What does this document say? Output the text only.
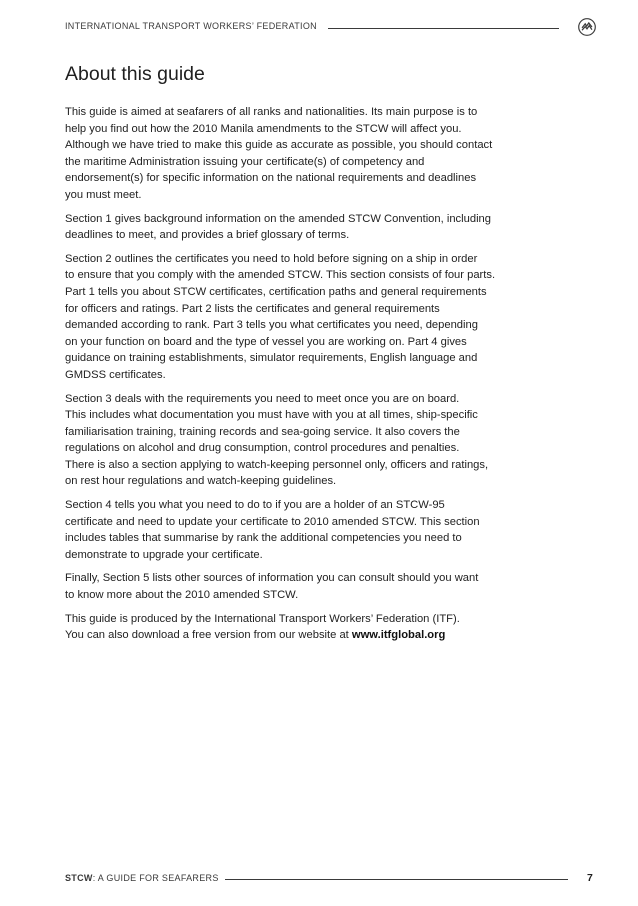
INTERNATIONAL TRANSPORT WORKERS’ FEDERATION
About this guide

This guide is aimed at seafarers of all ranks and nationalities. Its main purpose is to
help you find out how the 2010 Manila amendments to the STCW will affect you.
Although we have tried to make this guide as accurate as possible, you should contact
the maritime Administration issuing your certificate(s) of competency and
endorsement(s) for specific information on the national requirements and deadlines
you must meet.

Section 1 gives background information on the amended STCW Convention, including
deadlines to meet, and provides a brief glossary of terms.

Section 2 outlines the certificates you need to hold before signing on a ship in order
to ensure that you comply with the amended STCW. This section consists of four parts.
Part 1 tells you about STCW certificates, certification paths and general requirements
for officers and ratings. Part 2 lists the certificates and general requirements
demanded according to rank. Part 3 tells you what certificates you need, depending
on your function on board and the type of vessel you are working on. Part 4 gives
guidance on training establishments, simulator requirements, English language and
GMDSS certificates.

Section 3 deals with the requirements you need to meet once you are on board.
This includes what documentation you must have with you at all times, ship-specific
familiarisation training, training records and sea-going service. It also covers the
regulations on alcohol and drug consumption, control procedures and penalties.
There is also a section applying to watch-keeping personnel only, officers and ratings,
on rest hour regulations and watch-keeping guidelines.

Section 4 tells you what you need to do to if you are a holder of an STCW-95
certificate and need to update your certificate to 2010 amended STCW. This section
includes tables that summarise by rank the additional competencies you need to
demonstrate to upgrade your certificate.

Finally, Section 5 lists other sources of information you can consult should you want
to know more about the 2010 amended STCW.

This guide is produced by the International Transport Workers’ Federation (ITF).
You can also download a free version from our website at www.itfglobal.org

STCW: A GUIDE FOR SEAFARERS	7
